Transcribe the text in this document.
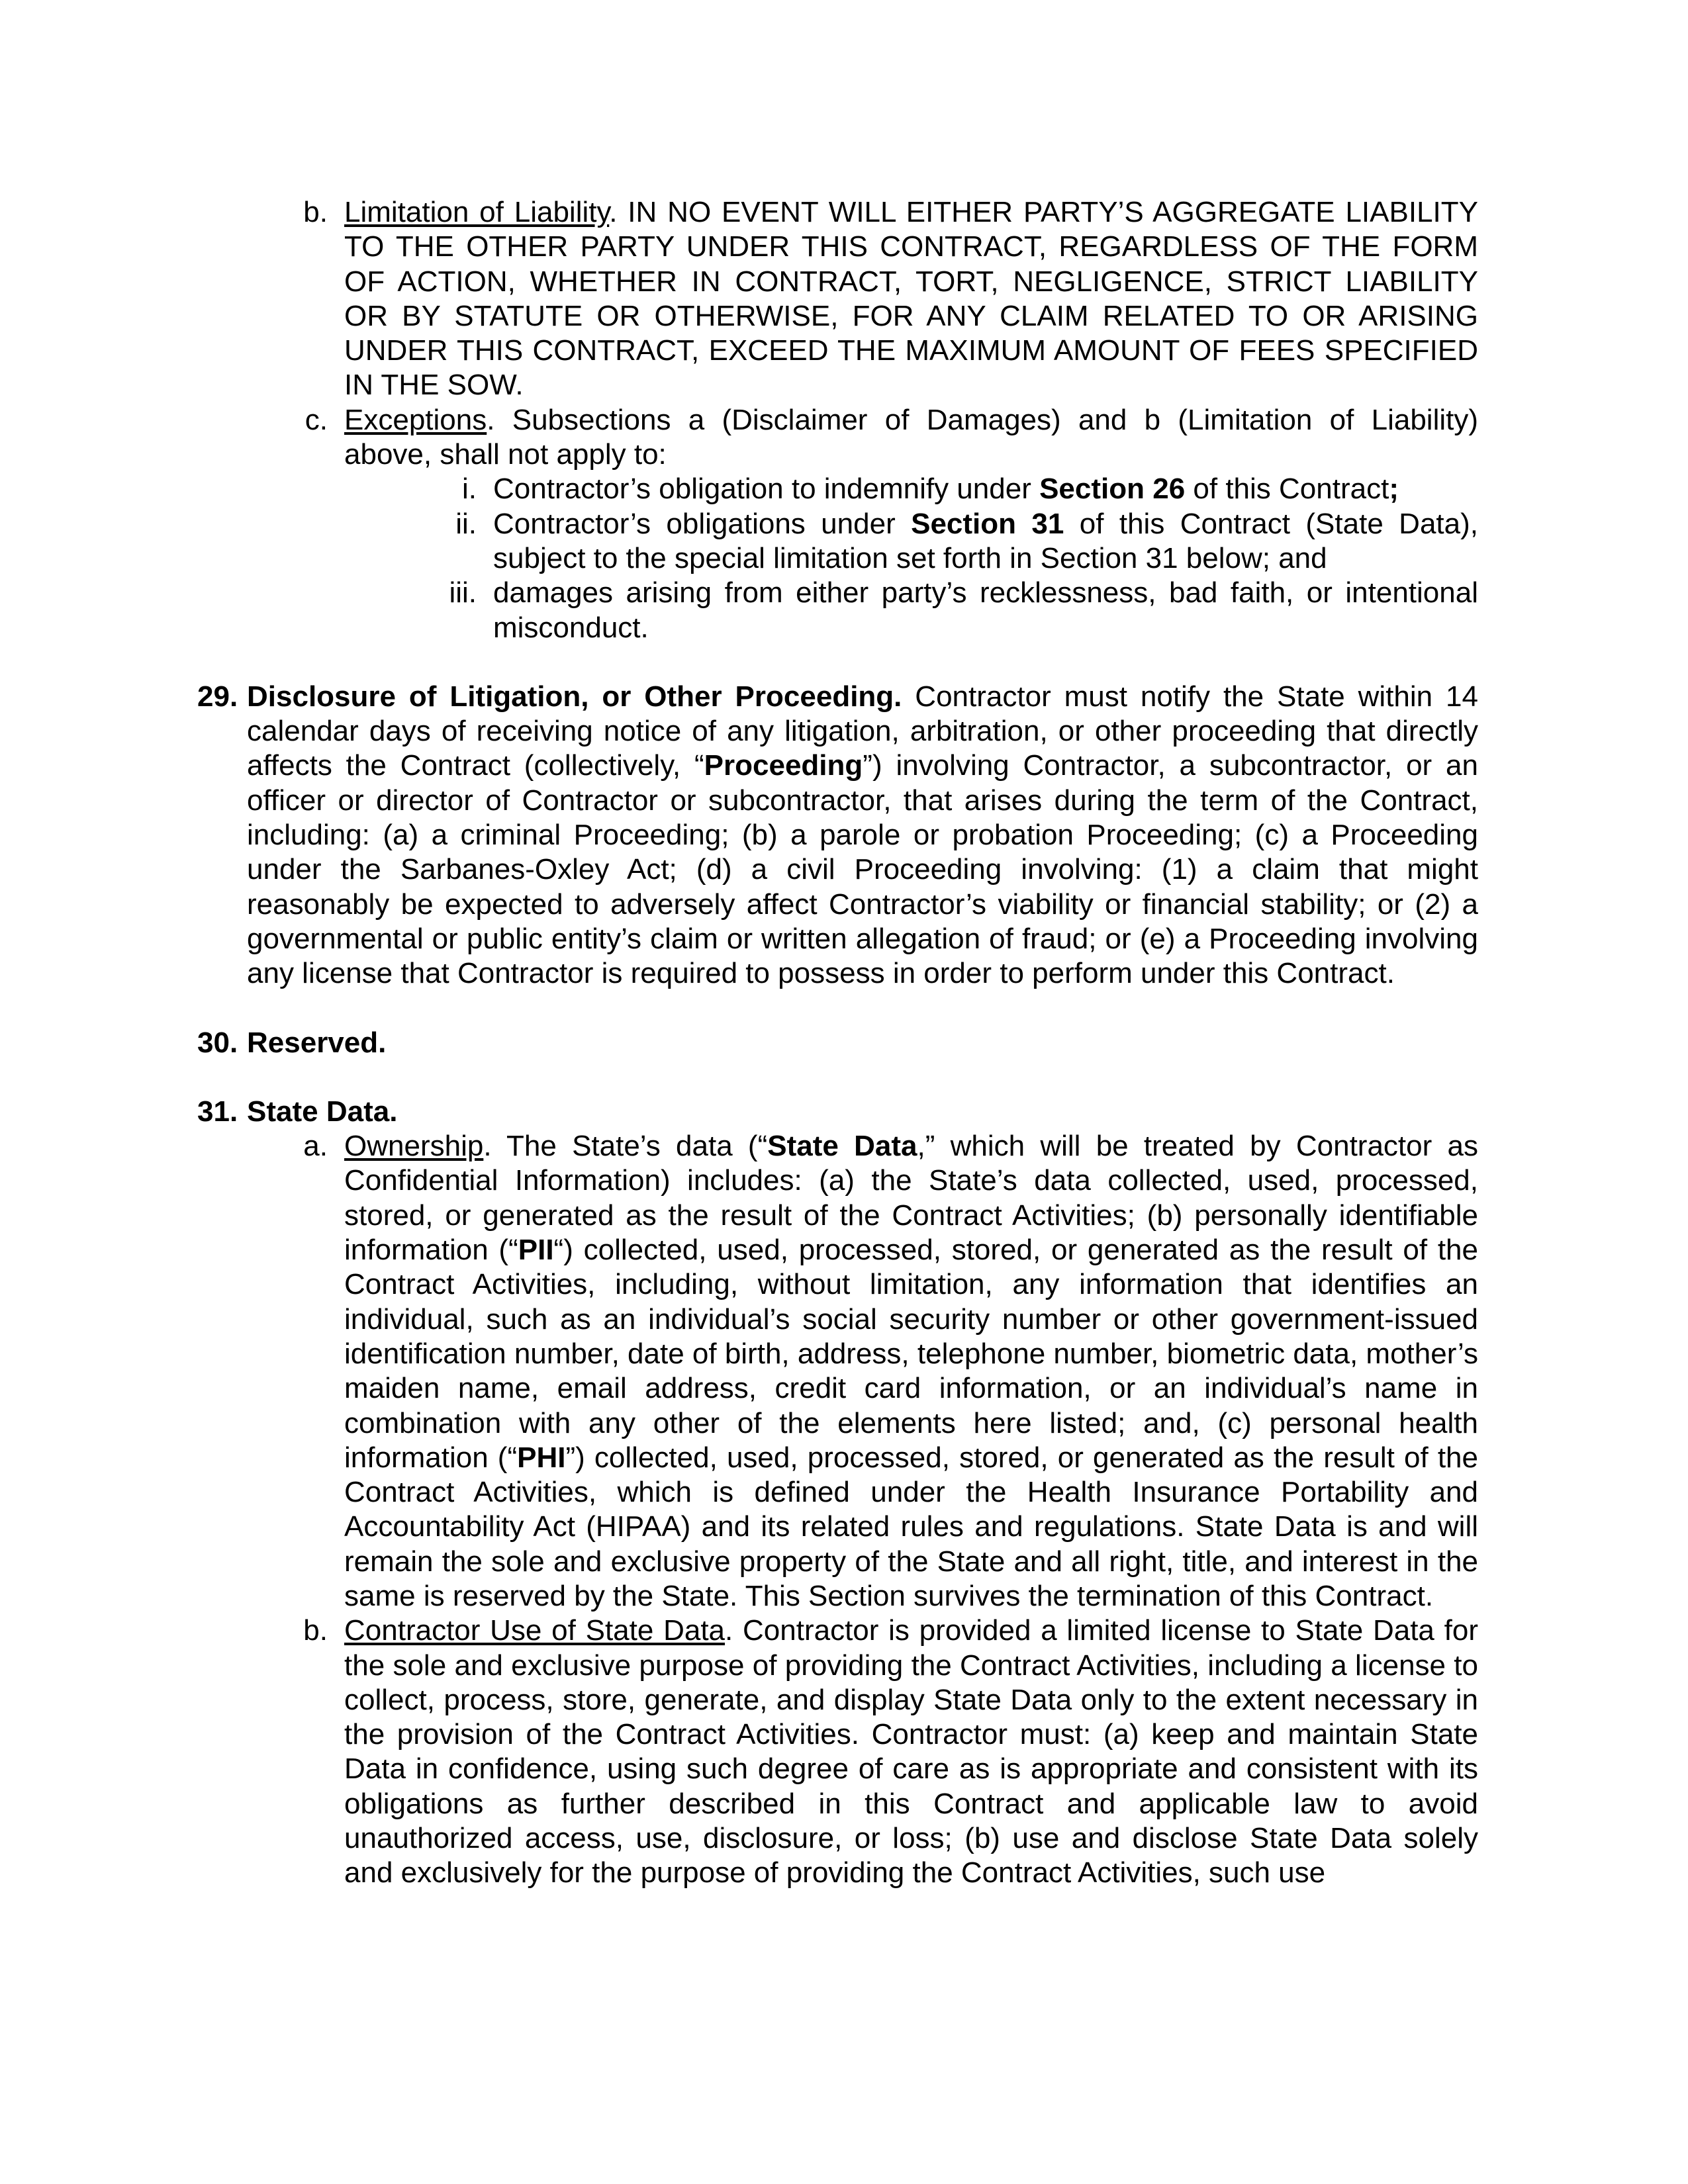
b. Limitation of Liability. IN NO EVENT WILL EITHER PARTY’S AGGREGATE LIABILITY TO THE OTHER PARTY UNDER THIS CONTRACT, REGARDLESS OF THE FORM OF ACTION, WHETHER IN CONTRACT, TORT, NEGLIGENCE, STRICT LIABILITY OR BY STATUTE OR OTHERWISE, FOR ANY CLAIM RELATED TO OR ARISING UNDER THIS CONTRACT, EXCEED THE MAXIMUM AMOUNT OF FEES SPECIFIED IN THE SOW.

c. Exceptions. Subsections a (Disclaimer of Damages) and b (Limitation of Liability) above, shall not apply to:

i. Contractor’s obligation to indemnify under Section 26 of this Contract;

ii. Contractor’s obligations under Section 31 of this Contract (State Data), subject to the special limitation set forth in Section 31 below; and

iii. damages arising from either party’s recklessness, bad faith, or intentional misconduct.

29. Disclosure of Litigation, or Other Proceeding. Contractor must notify the State within 14 calendar days of receiving notice of any litigation, arbitration, or other proceeding that directly affects the Contract (collectively, “Proceeding”) involving Contractor, a subcontractor, or an officer or director of Contractor or subcontractor, that arises during the term of the Contract, including: (a) a criminal Proceeding; (b) a parole or probation Proceeding; (c) a Proceeding under the Sarbanes-Oxley Act; (d) a civil Proceeding involving: (1) a claim that might reasonably be expected to adversely affect Contractor’s viability or financial stability; or (2) a governmental or public entity’s claim or written allegation of fraud; or (e) a Proceeding involving any license that Contractor is required to possess in order to perform under this Contract.

30. Reserved.

31. State Data.

a. Ownership. The State’s data (“State Data,” which will be treated by Contractor as Confidential Information) includes: (a) the State’s data collected, used, processed, stored, or generated as the result of the Contract Activities; (b) personally identifiable information (“PII“) collected, used, processed, stored, or generated as the result of the Contract Activities, including, without limitation, any information that identifies an individual, such as an individual’s social security number or other government-issued identification number, date of birth, address, telephone number, biometric data, mother’s maiden name, email address, credit card information, or an individual’s name in combination with any other of the elements here listed; and, (c) personal health information (“PHI”) collected, used, processed, stored, or generated as the result of the Contract Activities, which is defined under the Health Insurance Portability and Accountability Act (HIPAA) and its related rules and regulations. State Data is and will remain the sole and exclusive property of the State and all right, title, and interest in the same is reserved by the State. This Section survives the termination of this Contract.

b. Contractor Use of State Data. Contractor is provided a limited license to State Data for the sole and exclusive purpose of providing the Contract Activities, including a license to collect, process, store, generate, and display State Data only to the extent necessary in the provision of the Contract Activities. Contractor must: (a) keep and maintain State Data in confidence, using such degree of care as is appropriate and consistent with its obligations as further described in this Contract and applicable law to avoid unauthorized access, use, disclosure, or loss; (b) use and disclose State Data solely and exclusively for the purpose of providing the Contract Activities, such use
